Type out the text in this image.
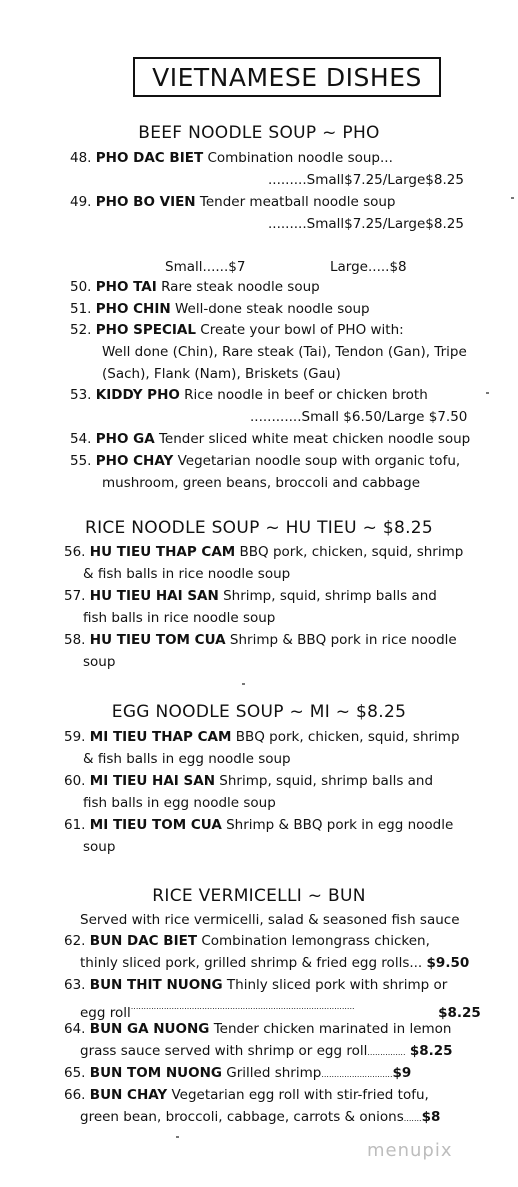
VIETNAMESE DISHES
BEEF NOODLE SOUP ~ PHO
48. PHO DAC BIET Combination noodle soup...
.........Small$7.25/Large$8.25
49. PHO BO VIEN Tender meatball noodle soup
.........Small$7.25/Large$8.25
Small......$7	Large.....$8
50. PHO TAI Rare steak noodle soup
51. PHO CHIN Well-done steak noodle soup
52. PHO SPECIAL Create your bowl of PHO with:
Well done (Chin), Rare steak (Tai), Tendon (Gan), Tripe
(Sach), Flank (Nam), Briskets (Gau)
53. KIDDY PHO Rice noodle in beef or chicken broth
............Small $6.50/Large $7.50
54. PHO GA Tender sliced white meat chicken noodle soup
55. PHO CHAY Vegetarian noodle soup with organic tofu,
mushroom, green beans, broccoli and cabbage
RICE NOODLE SOUP ~ HU TIEU ~ $8.25
56. HU TIEU THAP CAM BBQ pork, chicken, squid, shrimp
& fish balls in rice noodle soup
57. HU TIEU HAI SAN Shrimp, squid, shrimp balls and
fish balls in rice noodle soup
58. HU TIEU TOM CUA Shrimp & BBQ pork in rice noodle
soup
EGG NOODLE SOUP ~ MI ~ $8.25
59. MI TIEU THAP CAM BBQ pork, chicken, squid, shrimp
& fish balls in egg noodle soup
60. MI TIEU HAI SAN Shrimp, squid, shrimp balls and
fish balls in egg noodle soup
61. MI TIEU TOM CUA Shrimp & BBQ pork in egg noodle
soup
RICE VERMICELLI ~ BUN
Served with rice vermicelli, salad & seasoned fish sauce
62. BUN DAC BIET Combination lemongrass chicken,
thinly sliced pork, grilled shrimp & fried egg rolls... $9.50
63. BUN THIT NUONG Thinly sliced pork with shrimp or
egg roll........................................................................................	$8.25
64. BUN GA NUONG Tender chicken marinated in lemon
grass sauce served with shrimp or egg roll............... $8.25
65. BUN TOM NUONG Grilled shrimp............................$9
66. BUN CHAY Vegetarian egg roll with stir-fried tofu,
green bean, broccoli, cabbage, carrots & onions.......$8
menupix
